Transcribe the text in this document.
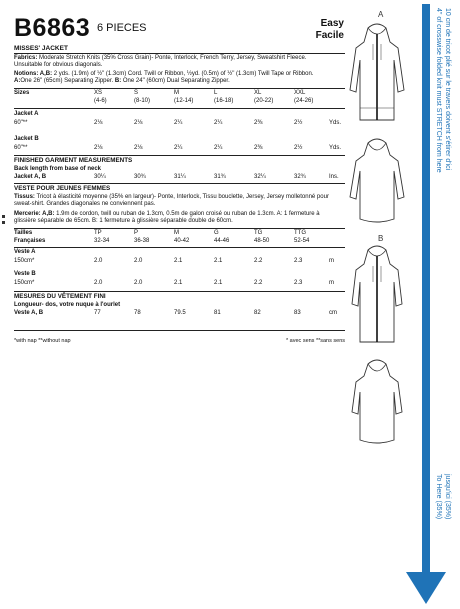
B6863 6 PIECES	Easy
Facile
MISSES' JACKET
Fabrics: Moderate Stretch Knits (35% Cross Grain)- Ponte, Interlock, French Terry, Jersey, Sweatshirt Fleece.
Unsuitable for obvious diagonals.
Notions: A,B: 2 yds. (1.9m) of ½" (1.3cm) Cord. Twill or Ribbon, ½yd. (0.5m) of ½" (1.3cm) Twill Tape or Ribbon.
A:One 26" (65cm) Separating Zipper. B: One 24" (60cm) Dual Separating Zipper.
Sizes	XS	S	M	L	XL	XXL
(4-6)	(8-10)	(12-14)	(16-18)	(20-22)	(24-26)
Jacket A
60"**	2⅛	2⅛	2¼	2¼	2⅜	2½	Yds.
Jacket B
60"**	2⅛	2⅛	2¼	2¼	2⅜	2½	Yds.
FINISHED GARMENT MEASUREMENTS
Back length from base of neck
Jacket A, B	30¼	30¾	31¼	31¾	32¼	32¾	Ins.
VESTE POUR JEUNES FEMMES
Tissus: Tricot à élasticité moyenne (35% en largeur)- Ponte, Interlock, Tissu bouclette, Jersey, Jersey molletonné pour
sweat-shirt. Grandes diagonales ne conviennent pas.
Mercerie: A,B: 1.9m de cordon, twill ou ruban de 1.3cm, 0.5m de galon croisé ou ruban de 1.3cm. A: 1 fermeture à
glissière séparable de 65cm. B: 1 fermeture à glissière séparable double de 60cm.
Tailles	TP	P	M	G	TG	TTG
Françaises	32-34	36-38	40-42	44-46	48-50	52-54
Veste A
150cm*	2.0	2.0	2.1	2.1	2.2	2.3	m
Veste B
150cm*	2.0	2.0	2.1	2.1	2.2	2.3	m
MESURES DU VÊTEMENT FINI
Longueur- dos, votre nuque à l'ourlet
Veste A, B	77	78	79.5	81	82	83	cm
*with nap **without nap	* avec sens **sans sens
A
B
4" of crosswise folded knit must STRETCH from here 10 cm de tricot plié sur le travers doivent s'étirer d'ici
To Here (35%) jusqu'ici (35%)
